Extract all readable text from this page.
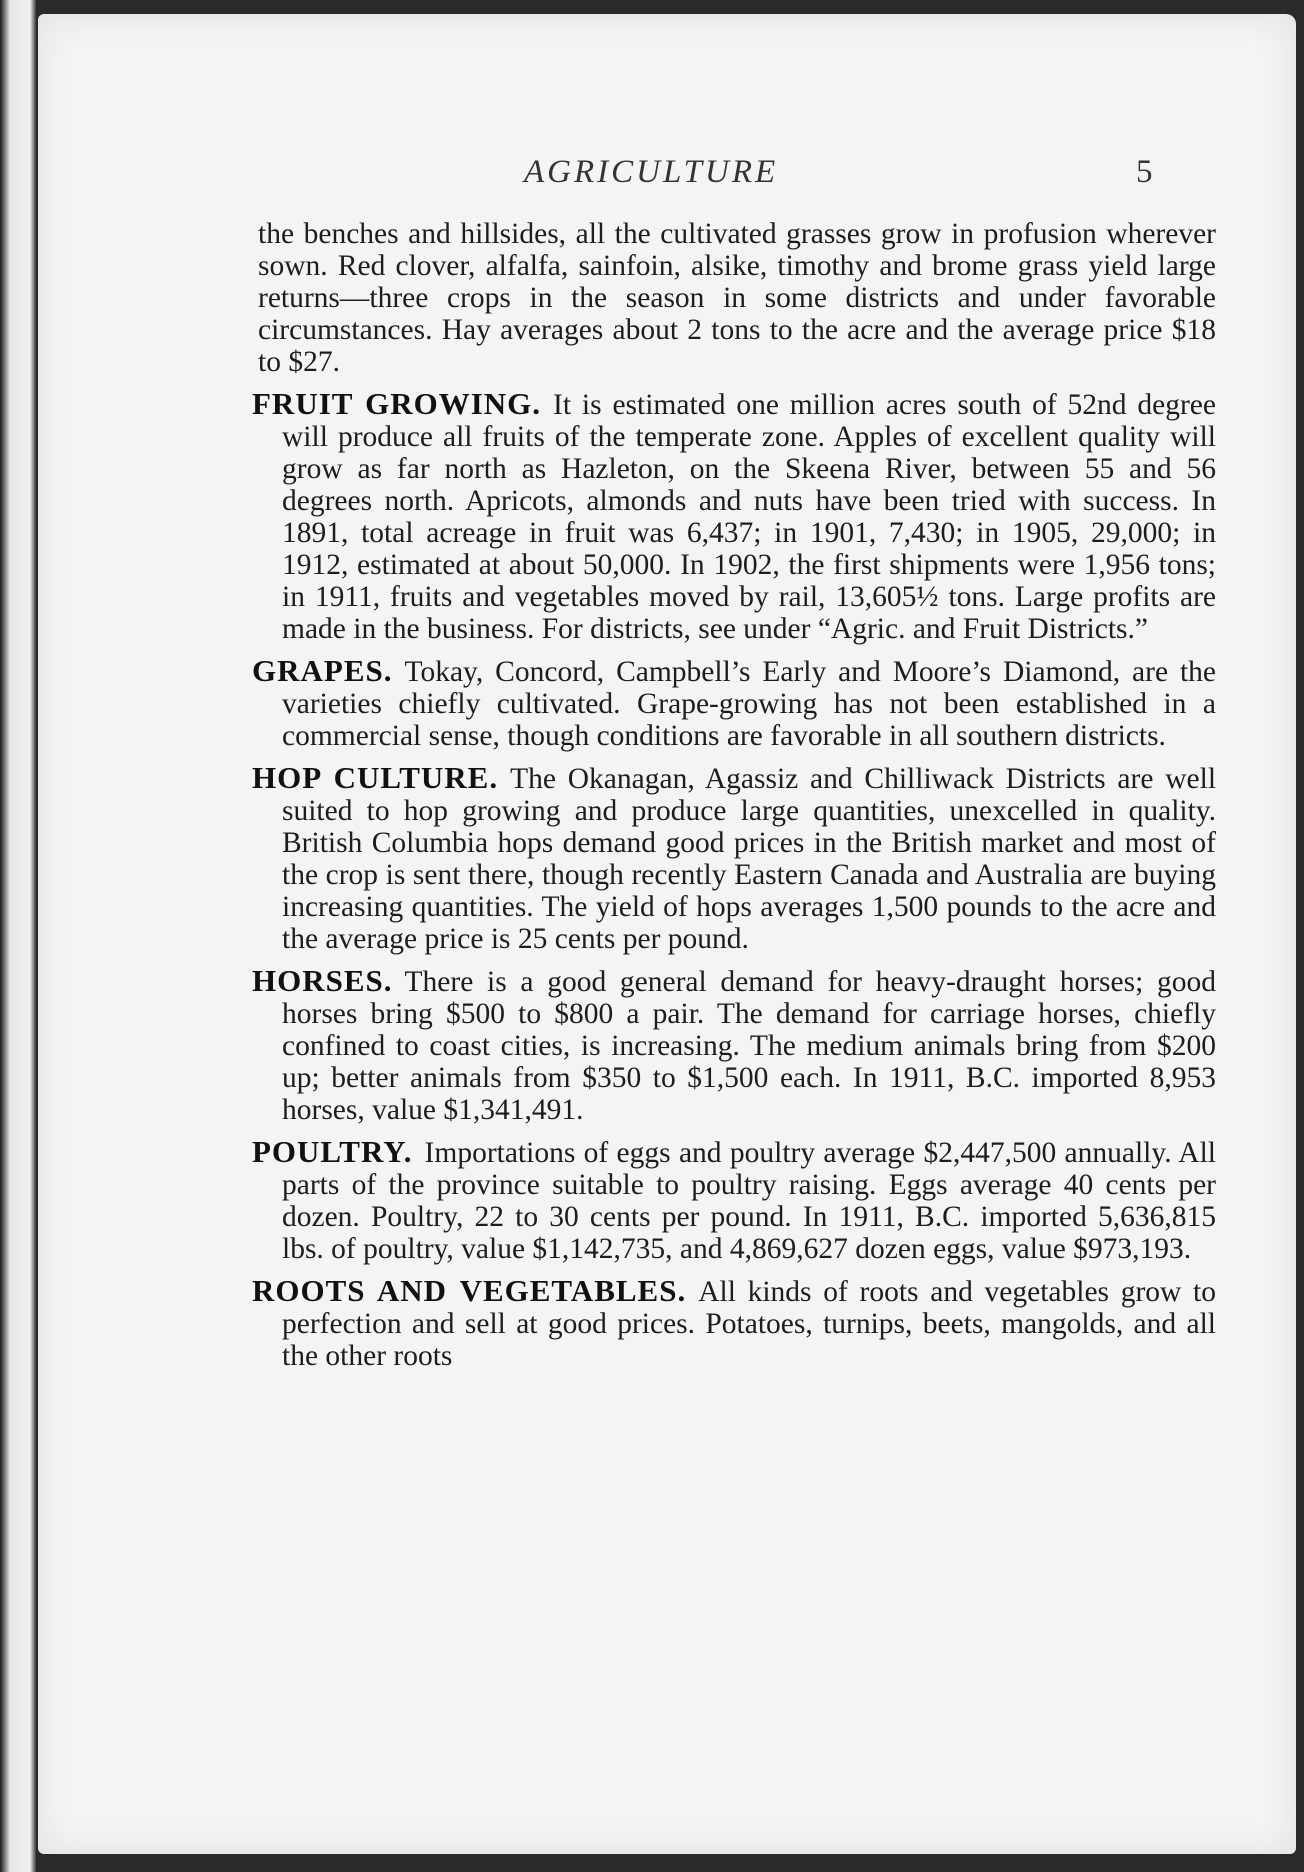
AGRICULTURE	5

the benches and hillsides, all the cultivated grasses grow in profusion wherever sown. Red clover, alfalfa, sainfoin, alsike, timothy and brome grass yield large returns—three crops in the season in some districts and under favorable circumstances. Hay averages about 2 tons to the acre and the average price $18 to $27.

FRUIT GROWING. It is estimated one million acres south of 52nd degree will produce all fruits of the temperate zone. Apples of excellent quality will grow as far north as Hazleton, on the Skeena River, between 55 and 56 degrees north. Apricots, almonds and nuts have been tried with success. In 1891, total acreage in fruit was 6,437; in 1901, 7,430; in 1905, 29,000; in 1912, estimated at about 50,000. In 1902, the first shipments were 1,956 tons; in 1911, fruits and vegetables moved by rail, 13,605½ tons. Large profits are made in the business. For districts, see under “Agric. and Fruit Districts.”

GRAPES. Tokay, Concord, Campbell’s Early and Moore’s Diamond, are the varieties chiefly cultivated. Grape-growing has not been established in a commercial sense, though conditions are favorable in all southern districts.

HOP CULTURE. The Okanagan, Agassiz and Chilliwack Districts are well suited to hop growing and produce large quantities, unexcelled in quality. British Columbia hops demand good prices in the British market and most of the crop is sent there, though recently Eastern Canada and Australia are buying increasing quantities. The yield of hops averages 1,500 pounds to the acre and the average price is 25 cents per pound.

HORSES. There is a good general demand for heavy-draught horses; good horses bring $500 to $800 a pair. The demand for carriage horses, chiefly confined to coast cities, is increasing. The medium animals bring from $200 up; better animals from $350 to $1,500 each. In 1911, B.C. imported 8,953 horses, value $1,341,491.

POULTRY. Importations of eggs and poultry average $2,447,500 annually. All parts of the province suitable to poultry raising. Eggs average 40 cents per dozen. Poultry, 22 to 30 cents per pound. In 1911, B.C. imported 5,636,815 lbs. of poultry, value $1,142,735, and 4,869,627 dozen eggs, value $973,193.

ROOTS AND VEGETABLES. All kinds of roots and vegetables grow to perfection and sell at good prices. Potatoes, turnips, beets, mangolds, and all the other roots
